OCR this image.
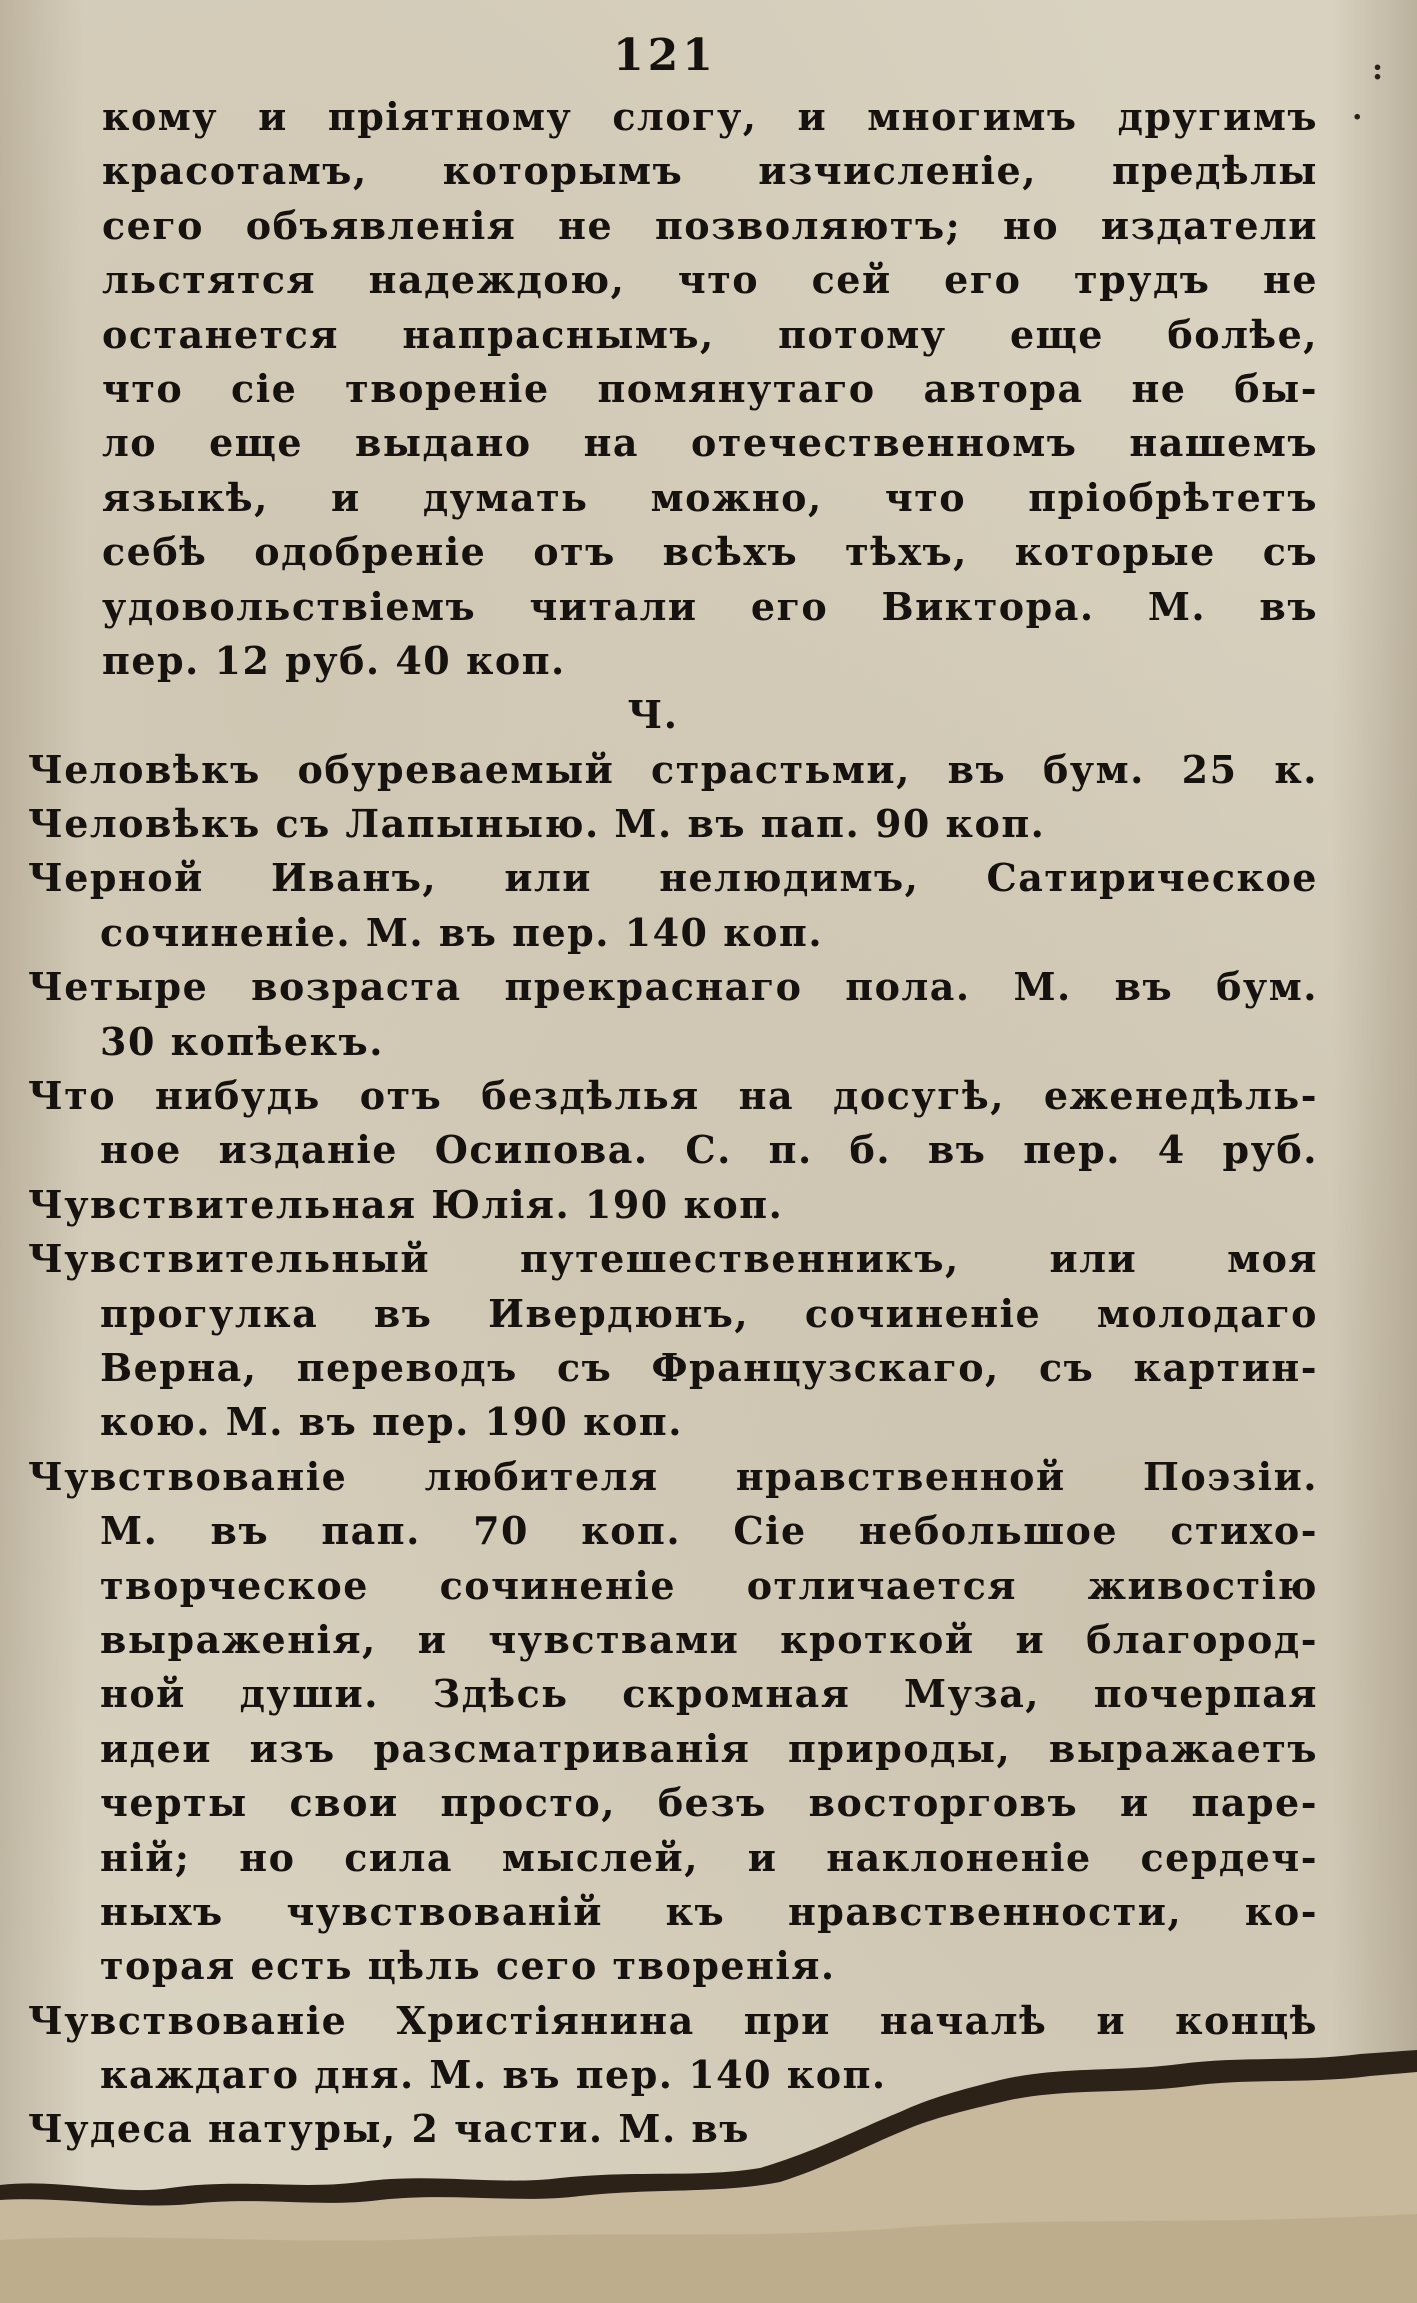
121	:
.
кому и пріятному слогу, и многимъ другимъ
красотамъ, которымъ изчисленіе, предѣлы
сего объявленія не позволяютъ; но издатели
льстятся надеждою, что сей его трудъ не
останется напраснымъ, потому еще болѣе,
что сіе твореніе помянутаго автора не бы-
ло еще выдано на отечественномъ нашемъ
языкѣ, и думать можно, что пріобрѣтетъ
себѣ одобреніе отъ всѣхъ тѣхъ, которые съ
удовольствіемъ читали его Виктора. М. въ
пер. 12 руб. 40 коп.
Ч.
Человѣкъ обуреваемый страстьми, въ бум. 25 к.
Человѣкъ съ Лапыныю. М. въ пап. 90 коп.
Черной Иванъ, или нелюдимъ, Сатирическое
сочиненіе. М. въ пер. 140 коп.
Четыре возраста прекраснаго пола. М. въ бум.
30 копѣекъ.
Что нибудь отъ бездѣлья на досугѣ, еженедѣль-
ное изданіе Осипова. С. п. б. въ пер. 4 руб.
Чувствительная Юлія. 190 коп.
Чувствительный путешественникъ, или моя
прогулка въ Ивердюнъ, сочиненіе молодаго
Верна, переводъ съ Французскаго, съ картин-
кою. М. въ пер. 190 коп.
Чувствованіе любителя нравственной Поэзіи.
М. въ пап. 70 коп. Сіе небольшое стихо-
творческое сочиненіе отличается живостію
выраженія, и чувствами кроткой и благород-
ной души. Здѣсь скромная Муза, почерпая
идеи изъ разсматриванія природы, выражаетъ
черты свои просто, безъ восторговъ и паре-
ній; но сила мыслей, и наклоненіе сердеч-
ныхъ чувствованій къ нравственности, ко-
торая есть цѣль сего творенія.
Чувствованіе Христіянина при началѣ и концѣ
каждаго дня. М. въ пер. 140 коп.
Чудеса натуры, 2 части. М. въ
